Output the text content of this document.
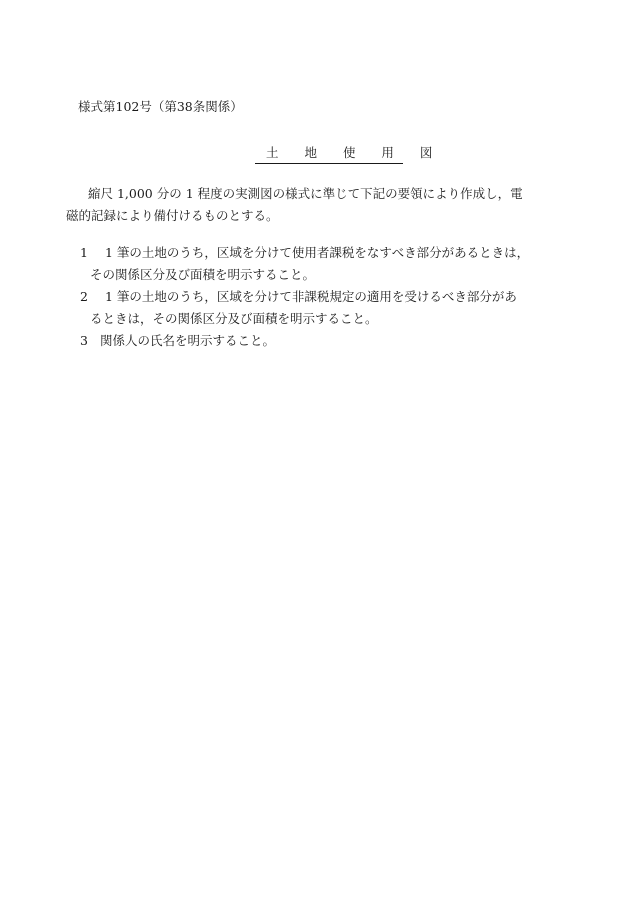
様式第102号（第38条関係）
土 地 使 用 図
縮尺 1,000 分の 1 程度の実測図の様式に準じて下記の要領により作成し，電
磁的記録により備付けるものとする。
1	1 筆の土地のうち，区域を分けて使用者課税をなすべき部分があるときは，
その関係区分及び面積を明示すること。
2	1 筆の土地のうち，区域を分けて非課税規定の適用を受けるべき部分があ
るときは，その関係区分及び面積を明示すること。
3 関係人の氏名を明示すること。
